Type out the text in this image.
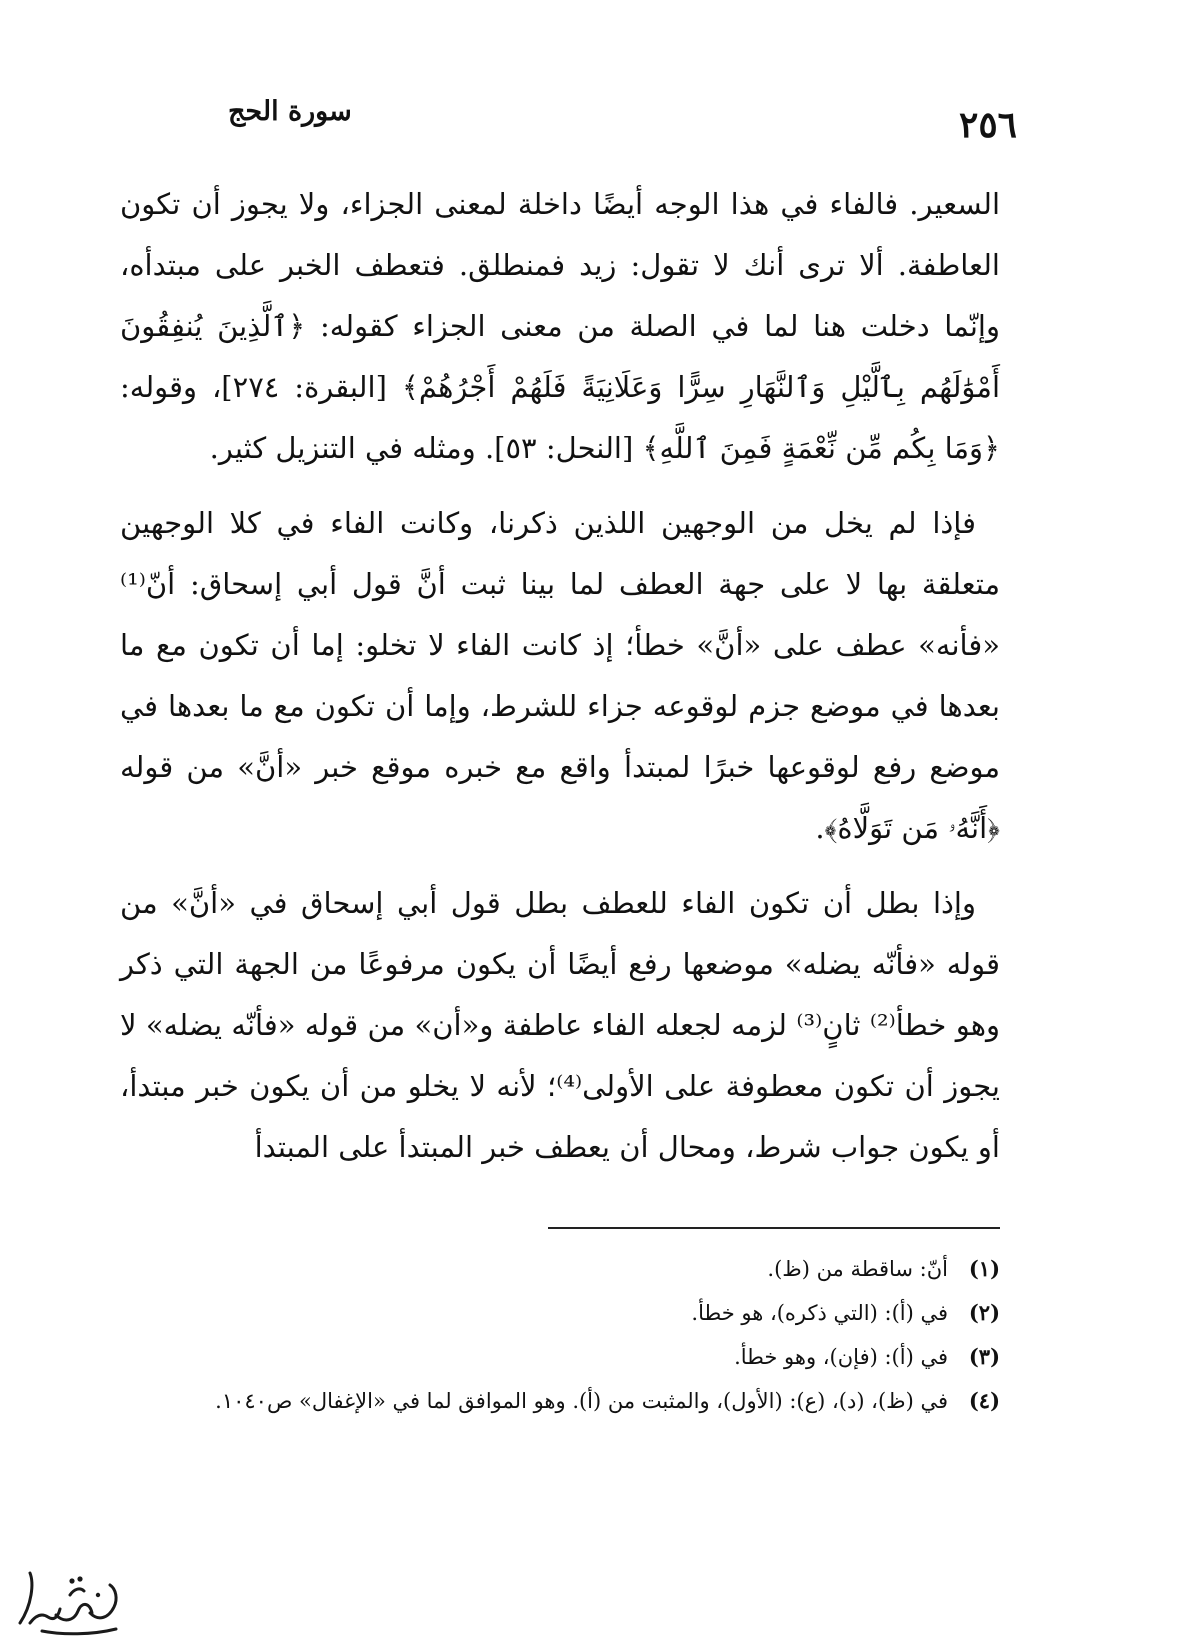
٢٥٦
سورة الحج

السعير. فالفاء في هذا الوجه أيضًا داخلة لمعنى الجزاء، ولا يجوز أن تكون العاطفة. ألا ترى أنك لا تقول: زيد فمنطلق. فتعطف الخبر على مبتدأه، وإنّما دخلت هنا لما في الصلة من معنى الجزاء كقوله: ﴿ٱلَّذِينَ يُنفِقُونَ أَمْوَٰلَهُم بِٱلَّيْلِ وَٱلنَّهَارِ سِرًّا وَعَلَانِيَةً فَلَهُمْ أَجْرُهُمْ﴾ [البقرة: ٢٧٤]، وقوله: ﴿وَمَا بِكُم مِّن نِّعْمَةٍ فَمِنَ ٱللَّهِ﴾ [النحل: ٥٣]. ومثله في التنزيل كثير.

فإذا لم يخل من الوجهين اللذين ذكرنا، وكانت الفاء في كلا الوجهين متعلقة بها لا على جهة العطف لما بينا ثبت أنَّ قول أبي إسحاق: أنّ⁽¹⁾ «فأنه» عطف على «أنَّ» خطأ؛ إذ كانت الفاء لا تخلو: إما أن تكون مع ما بعدها في موضع جزم لوقوعه جزاء للشرط، وإما أن تكون مع ما بعدها في موضع رفع لوقوعها خبرًا لمبتدأ واقع مع خبره موقع خبر «أنَّ» من قوله ﴿أَنَّهُۥ مَن تَوَلَّاهُ﴾.

وإذا بطل أن تكون الفاء للعطف بطل قول أبي إسحاق في «أنَّ» من قوله «فأنّه يضله» موضعها رفع أيضًا أن يكون مرفوعًا من الجهة التي ذكر وهو خطأ⁽²⁾ ثانٍ⁽³⁾ لزمه لجعله الفاء عاطفة و«أن» من قوله «فأنّه يضله» لا يجوز أن تكون معطوفة على الأولى⁽⁴⁾؛ لأنه لا يخلو من أن يكون خبر مبتدأ، أو يكون جواب شرط، ومحال أن يعطف خبر المبتدأ على المبتدأ

(١)
أنّ: ساقطة من (ظ).

(٢)
في (أ): (التي ذكره)، هو خطأ.

(٣)
في (أ): (فإن)، وهو خطأ.

(٤)
في (ظ)، (د)، (ع): (الأول)، والمثبت من (أ). وهو الموافق لما في «الإغفال» ص١٠٤٠.
